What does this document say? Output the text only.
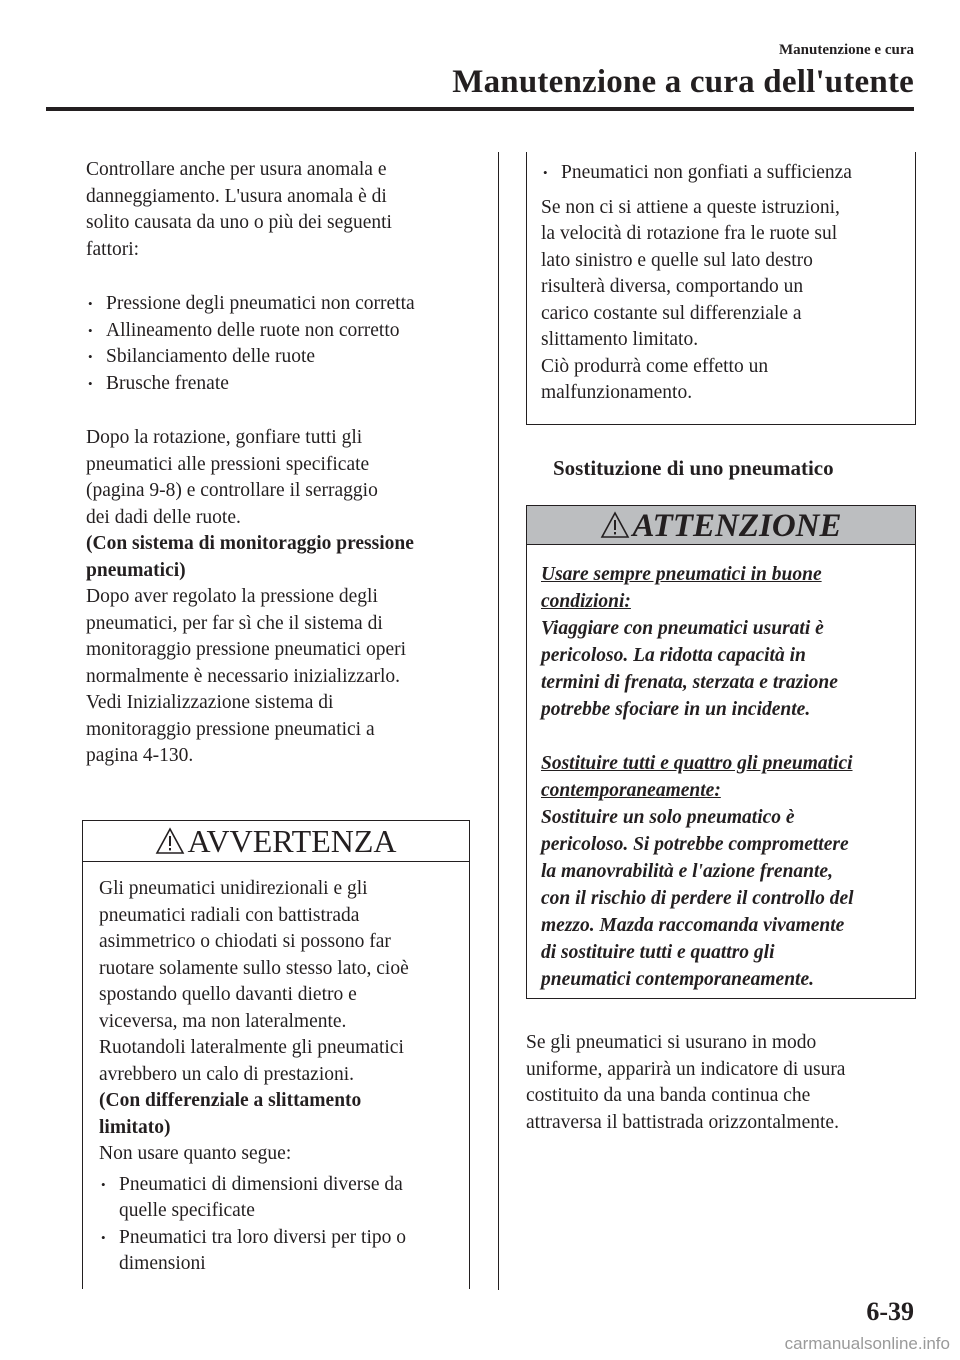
Manutenzione e cura
Manutenzione a cura dell'utente

Controllare anche per usura anomala e

danneggiamento. L'usura anomala è di

solito causata da uno o più dei seguenti

fattori:

• Pressione degli pneumatici non corretta
• Allineamento delle ruote non corretto
• Sbilanciamento delle ruote
• Brusche frenate

Dopo la rotazione, gonfiare tutti gli

pneumatici alle pressioni specificate

(pagina 9-8) e controllare il serraggio

dei dadi delle ruote.

(Con sistema di monitoraggio pressione

pneumatici)

Dopo aver regolato la pressione degli

pneumatici, per far sì che il sistema di

monitoraggio pressione pneumatici operi

normalmente è necessario inizializzarlo.

Vedi Inizializzazione sistema di

monitoraggio pressione pneumatici a

pagina 4-130.

AVVERTENZA

Gli pneumatici unidirezionali e gli

pneumatici radiali con battistrada

asimmetrico o chiodati si possono far

ruotare solamente sullo stesso lato, cioè

spostando quello davanti dietro e

viceversa, ma non lateralmente.

Ruotandoli lateralmente gli pneumatici

avrebbero un calo di prestazioni.

(Con differenziale a slittamento

limitato)

Non usare quanto segue:

• Pneumatici di dimensioni diverse da
quelle specificate
• Pneumatici tra loro diversi per tipo o
dimensioni
• Pneumatici non gonfiati a sufficienza

Se non ci si attiene a queste istruzioni,

la velocità di rotazione fra le ruote sul

lato sinistro e quelle sul lato destro

risulterà diversa, comportando un

carico costante sul differenziale a

slittamento limitato.

Ciò produrrà come effetto un

malfunzionamento.

Sostituzione di uno pneumatico
ATTENZIONE

Usare sempre pneumatici in buone

condizioni:

Viaggiare con pneumatici usurati è

pericoloso. La ridotta capacità in

termini di frenata, sterzata e trazione

potrebbe sfociare in un incidente.

Sostituire tutti e quattro gli pneumatici

contemporaneamente:

Sostituire un solo pneumatico è

pericoloso. Si potrebbe compromettere

la manovrabilità e l'azione frenante,

con il rischio di perdere il controllo del

mezzo. Mazda raccomanda vivamente

di sostituire tutti e quattro gli

pneumatici contemporaneamente.

Se gli pneumatici si usurano in modo

uniforme, apparirà un indicatore di usura

costituito da una banda continua che

attraversa il battistrada orizzontalmente.

6-39
carmanualsonline.info
